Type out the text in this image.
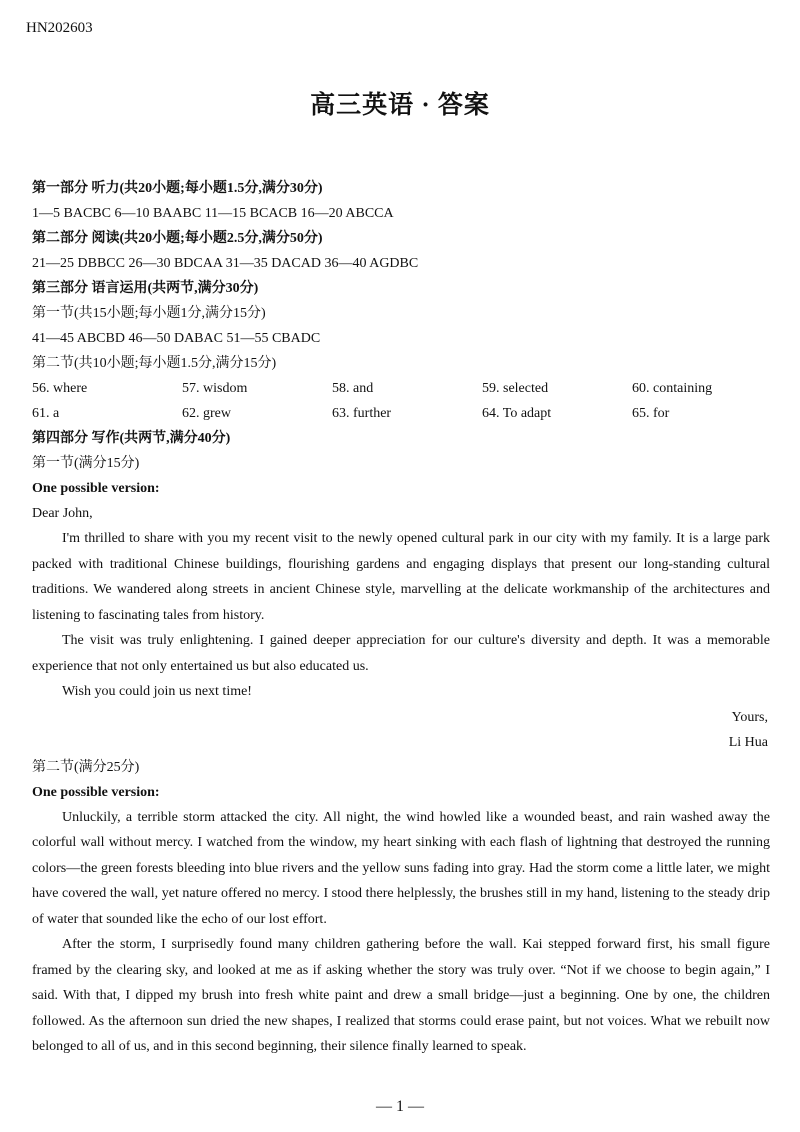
HN202603
高三英语 · 答案
第一部分 听力(共20小题;每小题1.5分,满分30分)
1—5 BACBC 6—10 BAABC 11—15 BCACB 16—20 ABCCA
第二部分 阅读(共20小题;每小题2.5分,满分50分)
21—25 DBBCC 26—30 BDCAA 31—35 DACAD 36—40 AGDBC
第三部分 语言运用(共两节,满分30分)
第一节(共15小题;每小题1分,满分15分)
41—45 ABCBD 46—50 DABAC 51—55 CBADC
第二节(共10小题;每小题1.5分,满分15分)
56. where	57. wisdom	58. and	59. selected	60. containing
61. a	62. grew	63. further	64. To adapt	65. for
第四部分 写作(共两节,满分40分)
第一节(满分15分)
One possible version:
Dear John,

I'm thrilled to share with you my recent visit to the newly opened cultural park in our city with my family. It is a large park packed with traditional Chinese buildings, flourishing gardens and engaging displays that present our long-standing cultural traditions. We wandered along streets in ancient Chinese style, marvelling at the delicate workmanship of the architectures and listening to fascinating tales from history.

The visit was truly enlightening. I gained deeper appreciation for our culture's diversity and depth. It was a memorable experience that not only entertained us but also educated us.

Wish you could join us next time!

Yours,
Li Hua
第二节(满分25分)
One possible version:

Unluckily, a terrible storm attacked the city. All night, the wind howled like a wounded beast, and rain washed away the colorful wall without mercy. I watched from the window, my heart sinking with each flash of lightning that destroyed the running colors—the green forests bleeding into blue rivers and the yellow suns fading into gray. Had the storm come a little later, we might have covered the wall, yet nature offered no mercy. I stood there helplessly, the brushes still in my hand, listening to the steady drip of water that sounded like the echo of our lost effort.

After the storm, I surprisedly found many children gathering before the wall. Kai stepped forward first, his small figure framed by the clearing sky, and looked at me as if asking whether the story was truly over. “Not if we choose to begin again,” I said. With that, I dipped my brush into fresh white paint and drew a small bridge—just a beginning. One by one, the children followed. As the afternoon sun dried the new shapes, I realized that storms could erase paint, but not voices. What we rebuilt now belonged to all of us, and in this second beginning, their silence finally learned to speak.

— 1 —
